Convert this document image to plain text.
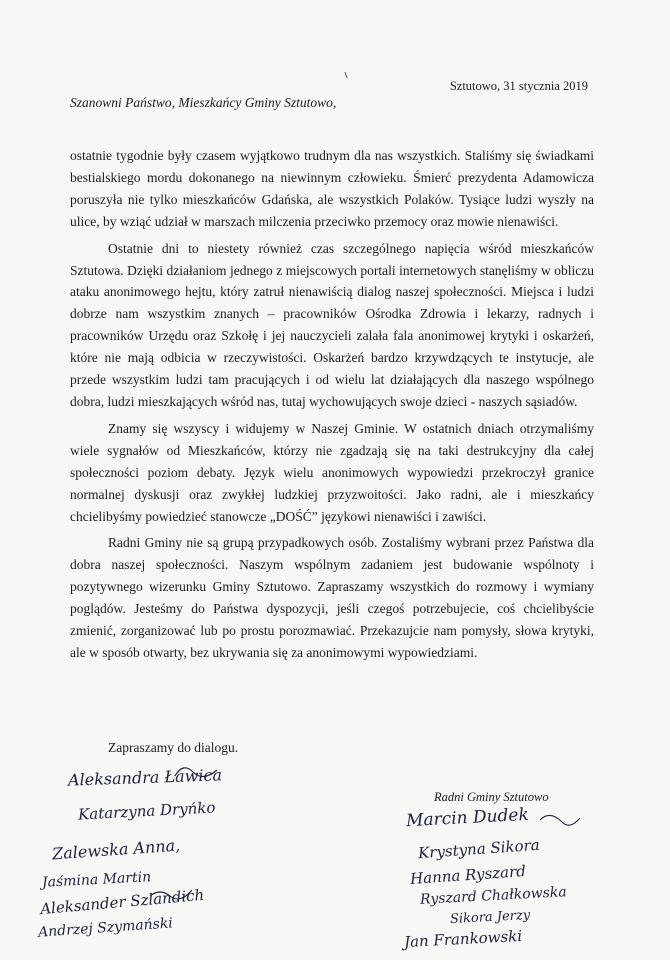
Sztutowo, 31 stycznia 2019
Szanowni Państwo, Mieszkańcy Gminy Sztutowo,

ostatnie tygodnie były czasem wyjątkowo trudnym dla nas wszystkich. Staliśmy się świadkami bestialskiego mordu dokonanego na niewinnym człowieku. Śmierć prezydenta Adamowicza poruszyła nie tylko mieszkańców Gdańska, ale wszystkich Polaków. Tysiące ludzi wyszły na ulice, by wziąć udział w marszach milczenia przeciwko przemocy oraz mowie nienawiści.

Ostatnie dni to niestety również czas szczególnego napięcia wśród mieszkańców Sztutowa. Dzięki działaniom jednego z miejscowych portali internetowych stanęliśmy w obliczu ataku anonimowego hejtu, który zatruł nienawiścią dialog naszej społeczności. Miejsca i ludzi dobrze nam wszystkim znanych – pracowników Ośrodka Zdrowia i lekarzy, radnych i pracowników Urzędu oraz Szkołę i jej nauczycieli zalała fala anonimowej krytyki i oskarżeń, które nie mają odbicia w rzeczywistości. Oskarżeń bardzo krzywdzących te instytucje, ale przede wszystkim ludzi tam pracujących i od wielu lat działających dla naszego wspólnego dobra, ludzi mieszkających wśród nas, tutaj wychowujących swoje dzieci - naszych sąsiadów.

Znamy się wszyscy i widujemy w Naszej Gminie. W ostatnich dniach otrzymaliśmy wiele sygnałów od Mieszkańców, którzy nie zgadzają się na taki destrukcyjny dla całej społeczności poziom debaty. Język wielu anonimowych wypowiedzi przekroczył granice normalnej dyskusji oraz zwykłej ludzkiej przyzwoitości. Jako radni, ale i mieszkańcy chcielibyśmy powiedzieć stanowcze „DOŚĆ” językowi nienawiści i zawiści.

Radni Gminy nie są grupą przypadkowych osób. Zostaliśmy wybrani przez Państwa dla dobra naszej społeczności. Naszym wspólnym zadaniem jest budowanie wspólnoty i pozytywnego wizerunku Gminy Sztutowo. Zapraszamy wszystkich do rozmowy i wymiany poglądów. Jesteśmy do Państwa dyspozycji, jeśli czegoś potrzebujecie, coś chcielibyście zmienić, zorganizować lub po prostu porozmawiać. Przekazujcie nam pomysły, słowa krytyki, ale w sposób otwarty, bez ukrywania się za anonimowymi wypowiedziami.

Zapraszamy do dialogu.
Radni Gminy Sztutowo
Aleksandra Ławica
Katarzyna Dryńko
Zalewska Anna,
Jaśmina Martin
Aleksander Szlandich
Andrzej Szymański
Marcin Dudek
Krystyna Sikora
Hanna Ryszard
Ryszard Chałkowska
Sikora Jerzy
Jan Frankowski
